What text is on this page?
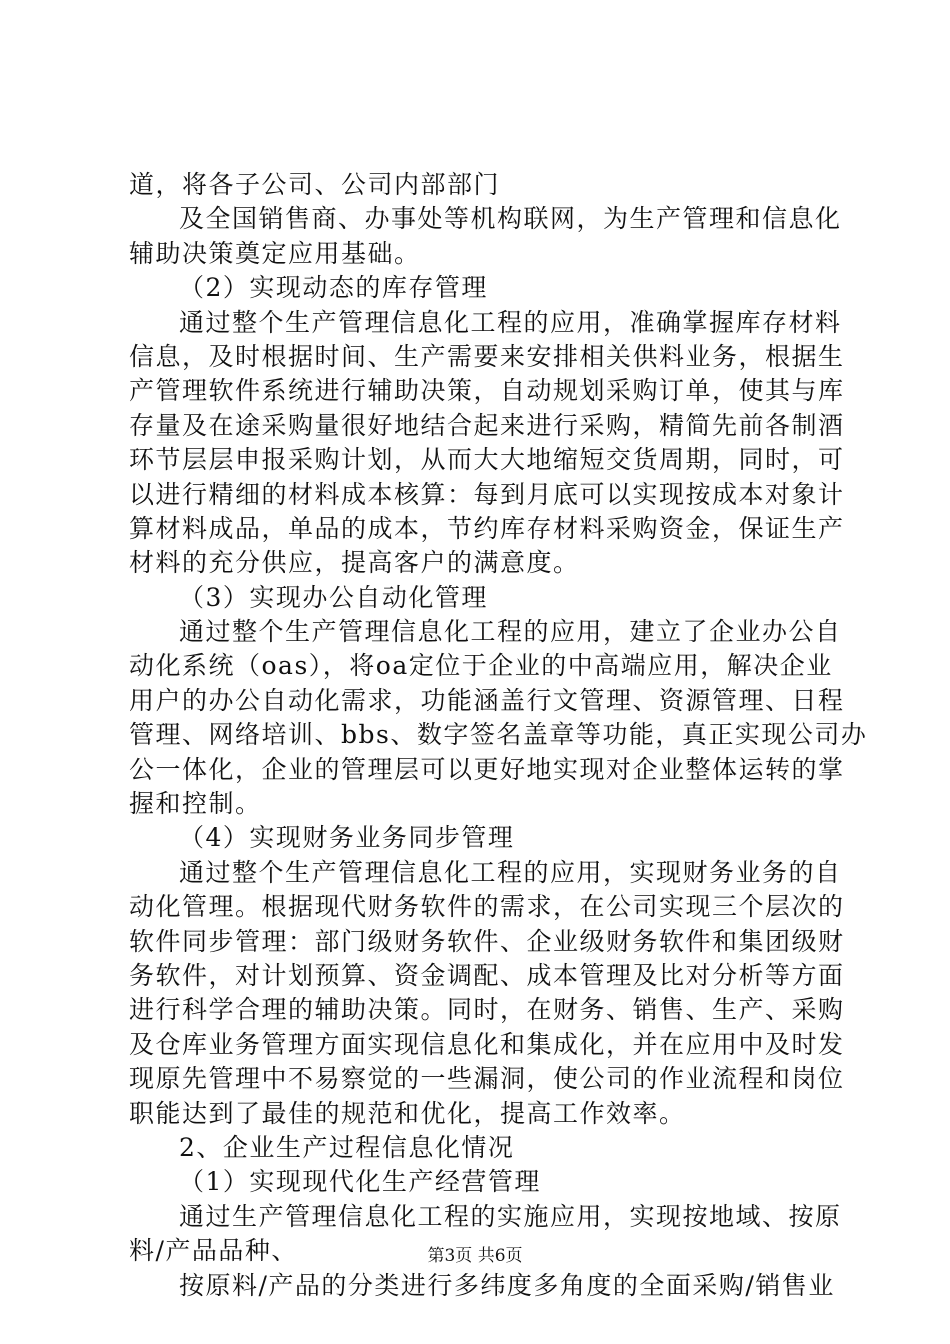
道，将各子公司、公司内部部门
及全国销售商、办事处等机构联网，为生产管理和信息化
辅助决策奠定应用基础。
（2）实现动态的库存管理
通过整个生产管理信息化工程的应用，准确掌握库存材料
信息，及时根据时间、生产需要来安排相关供料业务，根据生
产管理软件系统进行辅助决策，自动规划采购订单，使其与库
存量及在途采购量很好地结合起来进行采购，精简先前各制酒
环节层层申报采购计划，从而大大地缩短交货周期，同时，可
以进行精细的材料成本核算：每到月底可以实现按成本对象计
算材料成品，单品的成本，节约库存材料采购资金，保证生产
材料的充分供应，提高客户的满意度。
（3）实现办公自动化管理
通过整个生产管理信息化工程的应用，建立了企业办公自
动化系统（oas），将oa定位于企业的中高端应用，解决企业
用户的办公自动化需求，功能涵盖行文管理、资源管理、日程
管理、网络培训、bbs、数字签名盖章等功能，真正实现公司办
公一体化，企业的管理层可以更好地实现对企业整体运转的掌
握和控制。
（4）实现财务业务同步管理
通过整个生产管理信息化工程的应用，实现财务业务的自
动化管理。根据现代财务软件的需求，在公司实现三个层次的
软件同步管理：部门级财务软件、企业级财务软件和集团级财
务软件，对计划预算、资金调配、成本管理及比对分析等方面
进行科学合理的辅助决策。同时，在财务、销售、生产、采购
及仓库业务管理方面实现信息化和集成化，并在应用中及时发
现原先管理中不易察觉的一些漏洞，使公司的作业流程和岗位
职能达到了最佳的规范和优化，提高工作效率。
2、企业生产过程信息化情况
（1）实现现代化生产经营管理
通过生产管理信息化工程的实施应用，实现按地域、按原
料/产品品种、
按原料/产品的分类进行多纬度多角度的全面采购/销售业
第3页 共6页
